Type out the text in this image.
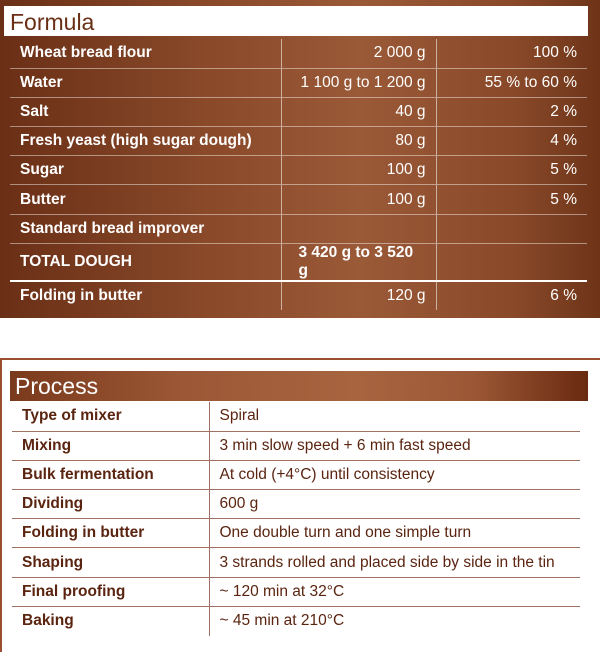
Formula
Wheat bread flour	2 000 g	100 %
Water	1 100 g to 1 200 g	55 % to 60 %
Salt	40 g	2 %
Fresh yeast (high sugar dough)	80 g	4 %
Sugar	100 g	5 %
Butter	100 g	5 %
Standard bread improver		
TOTAL DOUGH	3 420 g to 3 520 g	
Folding in butter	120 g	6 %
Process
Type of mixer	Spiral
Mixing	3 min slow speed + 6 min fast speed
Bulk fermentation	At cold (+4°C) until consistency
Dividing	600 g
Folding in butter	One double turn and one simple turn
Shaping	3 strands rolled and placed side by side in the tin
Final proofing	~ 120 min at 32°C
Baking	~ 45 min at 210°C
